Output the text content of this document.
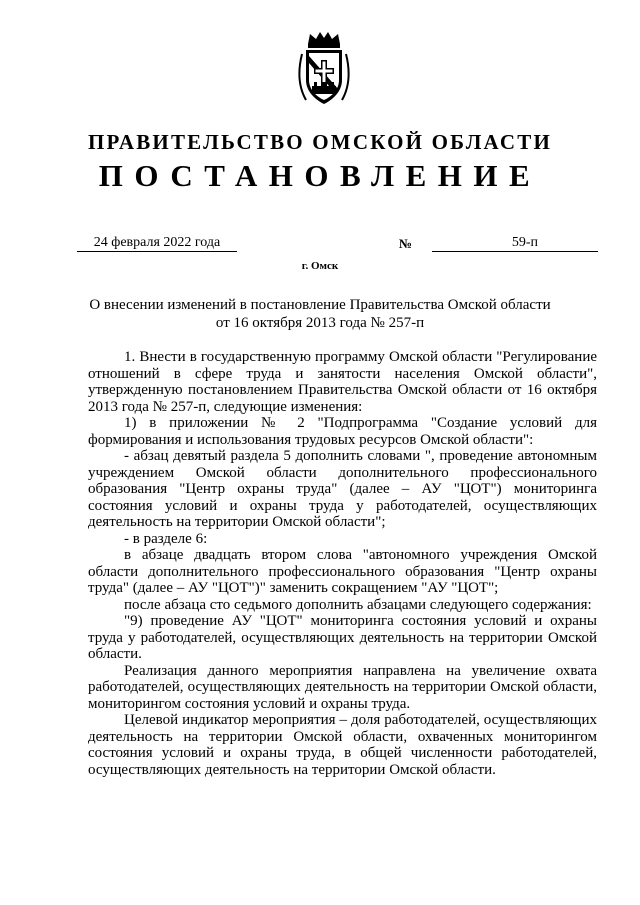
ПРАВИТЕЛЬСТВО ОМСКОЙ ОБЛАСТИ
ПОСТАНОВЛЕНИЕ
24 февраля 2022 года	№	59-п
г. Омск
О внесении изменений в постановление Правительства Омской области
от 16 октября 2013 года № 257-п

1. Внести в государственную программу Омской области "Регулирование отношений в сфере труда и занятости населения Омской области", утвержденную постановлением Правительства Омской области от 16 октября 2013 года № 257-п, следующие изменения:

1) в приложении № 2 "Подпрограмма "Создание условий для формирования и использования трудовых ресурсов Омской области":

- абзац девятый раздела 5 дополнить словами ", проведение автономным учреждением Омской области дополнительного профессионального образования "Центр охраны труда" (далее – АУ "ЦОТ") мониторинга состояния условий и охраны труда у работодателей, осуществляющих деятельность на территории Омской области";

- в разделе 6:

в абзаце двадцать втором слова "автономного учреждения Омской области дополнительного профессионального образования "Центр охраны труда" (далее – АУ "ЦОТ")" заменить сокращением "АУ "ЦОТ";

после абзаца сто седьмого дополнить абзацами следующего содержания:

"9) проведение АУ "ЦОТ" мониторинга состояния условий и охраны труда у работодателей, осуществляющих деятельность на территории Омской области.

Реализация данного мероприятия направлена на увеличение охвата работодателей, осуществляющих деятельность на территории Омской области, мониторингом состояния условий и охраны труда.

Целевой индикатор мероприятия – доля работодателей, осуществляющих деятельность на территории Омской области, охваченных мониторингом состояния условий и охраны труда, в общей численности работодателей, осуществляющих деятельность на территории Омской области.
